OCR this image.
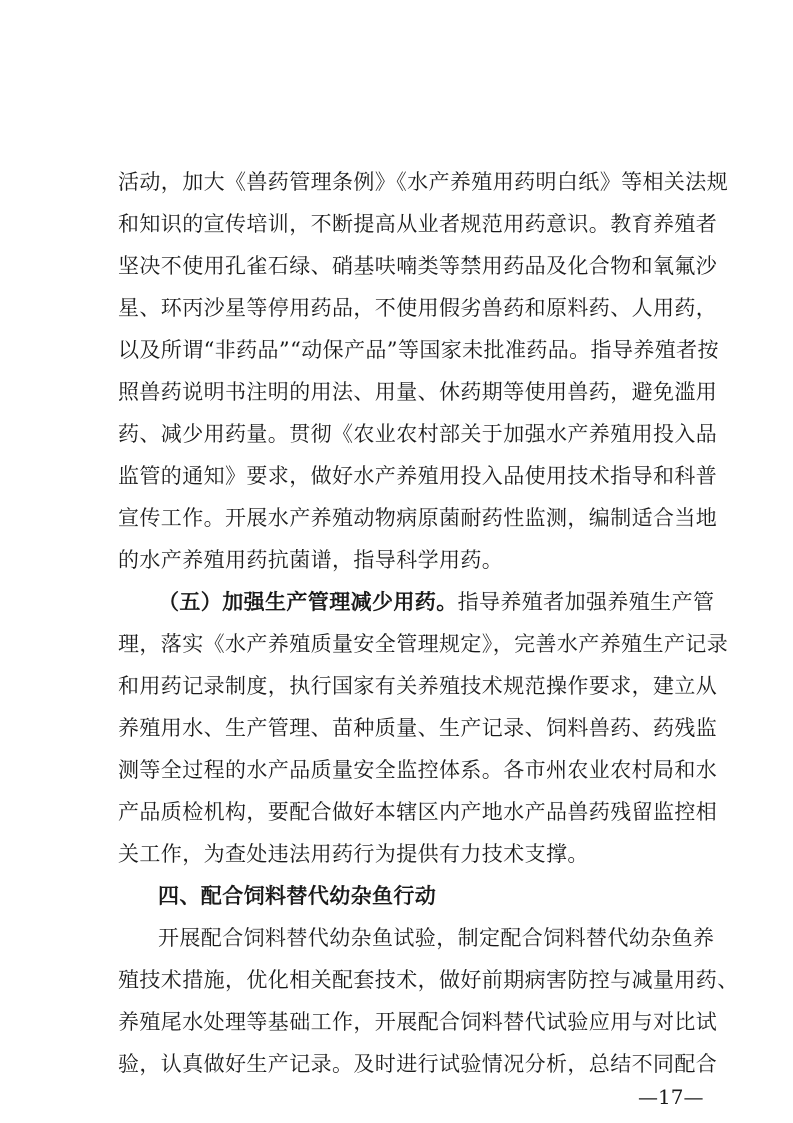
活动，加大《兽药管理条例》《水产养殖用药明白纸》等相关法规
和知识的宣传培训，不断提高从业者规范用药意识。教育养殖者
坚决不使用孔雀石绿、硝基呋喃类等禁用药品及化合物和氧氟沙
星、环丙沙星等停用药品，不使用假劣兽药和原料药、人用药，
以及所谓“非药品”“动保产品”等国家未批准药品。指导养殖者按
照兽药说明书注明的用法、用量、休药期等使用兽药，避免滥用
药、减少用药量。贯彻《农业农村部关于加强水产养殖用投入品
监管的通知》要求，做好水产养殖用投入品使用技术指导和科普
宣传工作。开展水产养殖动物病原菌耐药性监测，编制适合当地
的水产养殖用药抗菌谱，指导科学用药。
（五）加强生产管理减少用药。指导养殖者加强养殖生产管
理，落实《水产养殖质量安全管理规定》，完善水产养殖生产记录
和用药记录制度，执行国家有关养殖技术规范操作要求，建立从
养殖用水、生产管理、苗种质量、生产记录、饲料兽药、药残监
测等全过程的水产品质量安全监控体系。各市州农业农村局和水
产品质检机构，要配合做好本辖区内产地水产品兽药残留监控相
关工作，为查处违法用药行为提供有力技术支撑。
四、配合饲料替代幼杂鱼行动
开展配合饲料替代幼杂鱼试验，制定配合饲料替代幼杂鱼养
殖技术措施，优化相关配套技术，做好前期病害防控与减量用药、
养殖尾水处理等基础工作，开展配合饲料替代试验应用与对比试
验，认真做好生产记录。及时进行试验情况分析，总结不同配合
—17—
